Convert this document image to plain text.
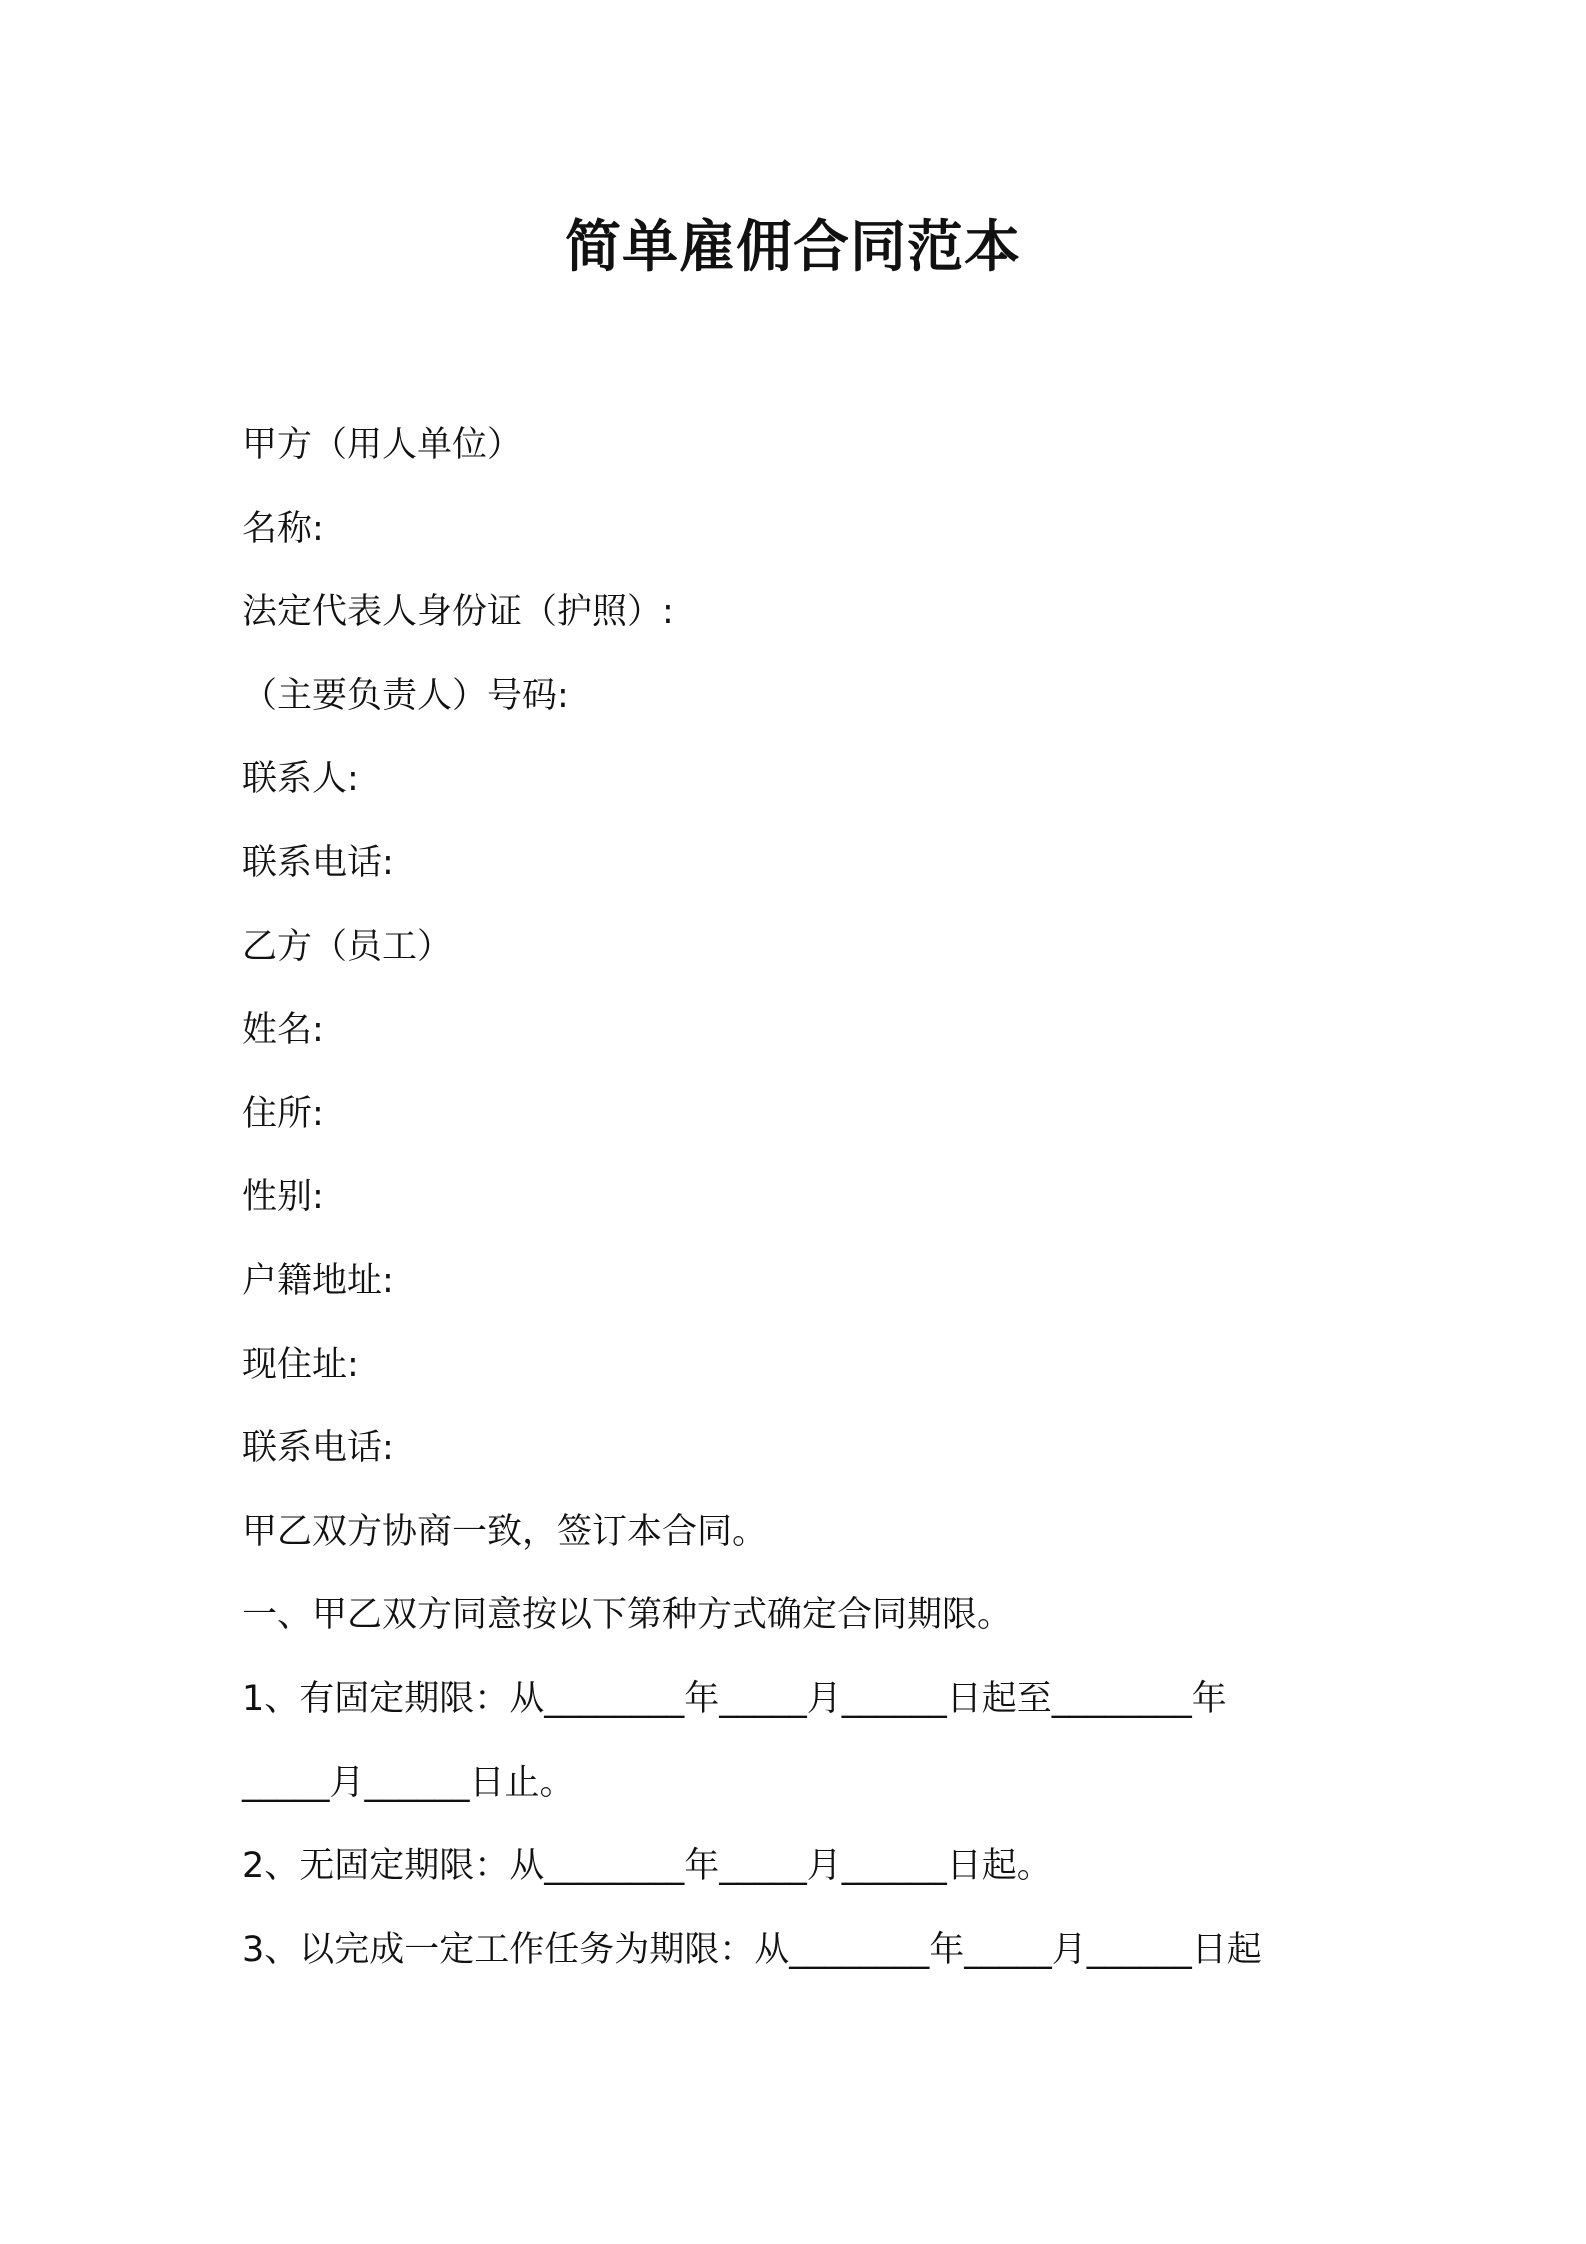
简单雇佣合同范本
甲方（用人单位）
名称:
法定代表人身份证（护照）:
（主要负责人）号码:
联系人:
联系电话:
乙方（员工）
姓名:
住所:
性别:
户籍地址:
现住址:
联系电话:
甲乙双方协商一致，签订本合同。
一、甲乙双方同意按以下第种方式确定合同期限。
1、有固定期限：从________年_____月______日起至________年
_____月______日止。
2、无固定期限：从________年_____月______日起。
3、以完成一定工作任务为期限：从________年_____月______日起
